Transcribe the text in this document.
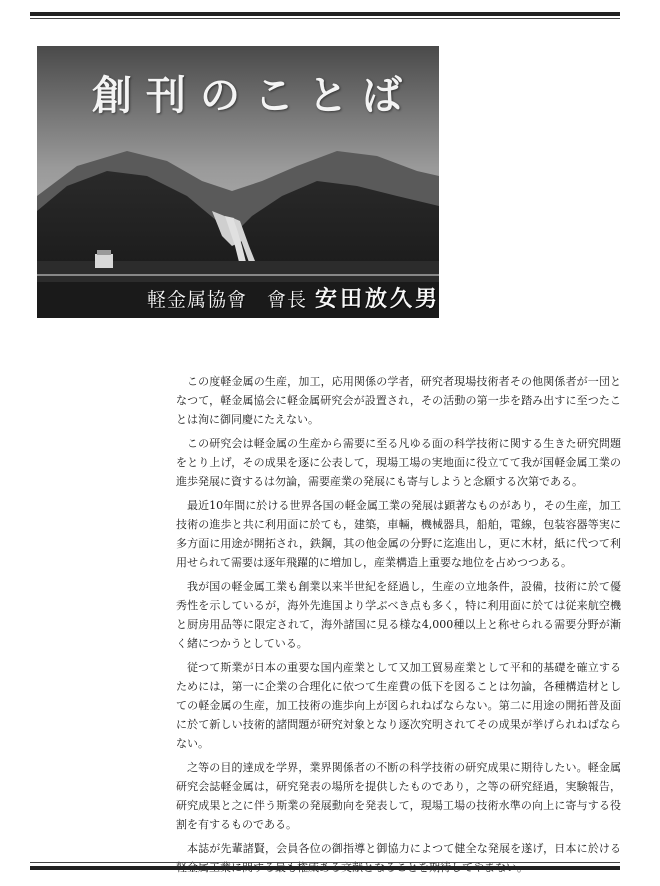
創刊のことば
軽金属協會　會長 安田放久男

この度軽金属の生産，加工，応用関係の学者，研究者現場技術者その他関係者が一団となつて，軽金属協会に軽金属研究会が設置され，その活動の第一歩を踏み出すに至つたことは洵に御同慶にたえない。

この研究会は軽金属の生産から需要に至る凡ゆる面の科学技術に関する生きた研究問題をとり上げ，その成果を逐に公表して，現場工場の実地面に役立てて我が国軽金属工業の進歩発展に資するは勿論，需要産業の発展にも寄与しようと念願する次第である。

最近10年間に於ける世界各国の軽金属工業の発展は顕著なものがあり，その生産，加工技術の進歩と共に利用面に於ても，建築，車輛，機械器具，船舶，電線，包装容器等実に多方面に用途が開拓され，鉄鋼，其の他金属の分野に迄進出し，更に木材，紙に代つて利用せられて需要は逐年飛躍的に増加し，産業構造上重要な地位を占めつつある。

我が国の軽金属工業も創業以来半世紀を経過し，生産の立地条件，設備，技術に於て優秀性を示しているが，海外先進国より学ぶべき点も多く，特に利用面に於ては従来航空機と厨房用品等に限定されて，海外諸国に見る様な4,000種以上と称せられる需要分野が漸く緒につかうとしている。

従つて斯業が日本の重要な国内産業として又加工貿易産業として平和的基礎を確立するためには，第一に企業の合理化に依つて生産費の低下を図ることは勿論，各種構造材としての軽金属の生産，加工技術の進歩向上が図られねばならない。第二に用途の開拓普及面に於て新しい技術的諸問題が研究対象となり逐次究明されてその成果が挙げられねばならない。

之等の目的達成を学界，業界関係者の不断の科学技術の研究成果に期待したい。軽金属研究会誌軽金属は，研究発表の場所を提供したものであり，之等の研究経過，実験報告，研究成果と之に伴う斯業の発展動向を発表して，現場工場の技術水準の向上に寄与する役割を有するものである。

本誌が先輩諸賢，会員各位の御指導と御協力によつて健全な発展を遂げ，日本に於ける
